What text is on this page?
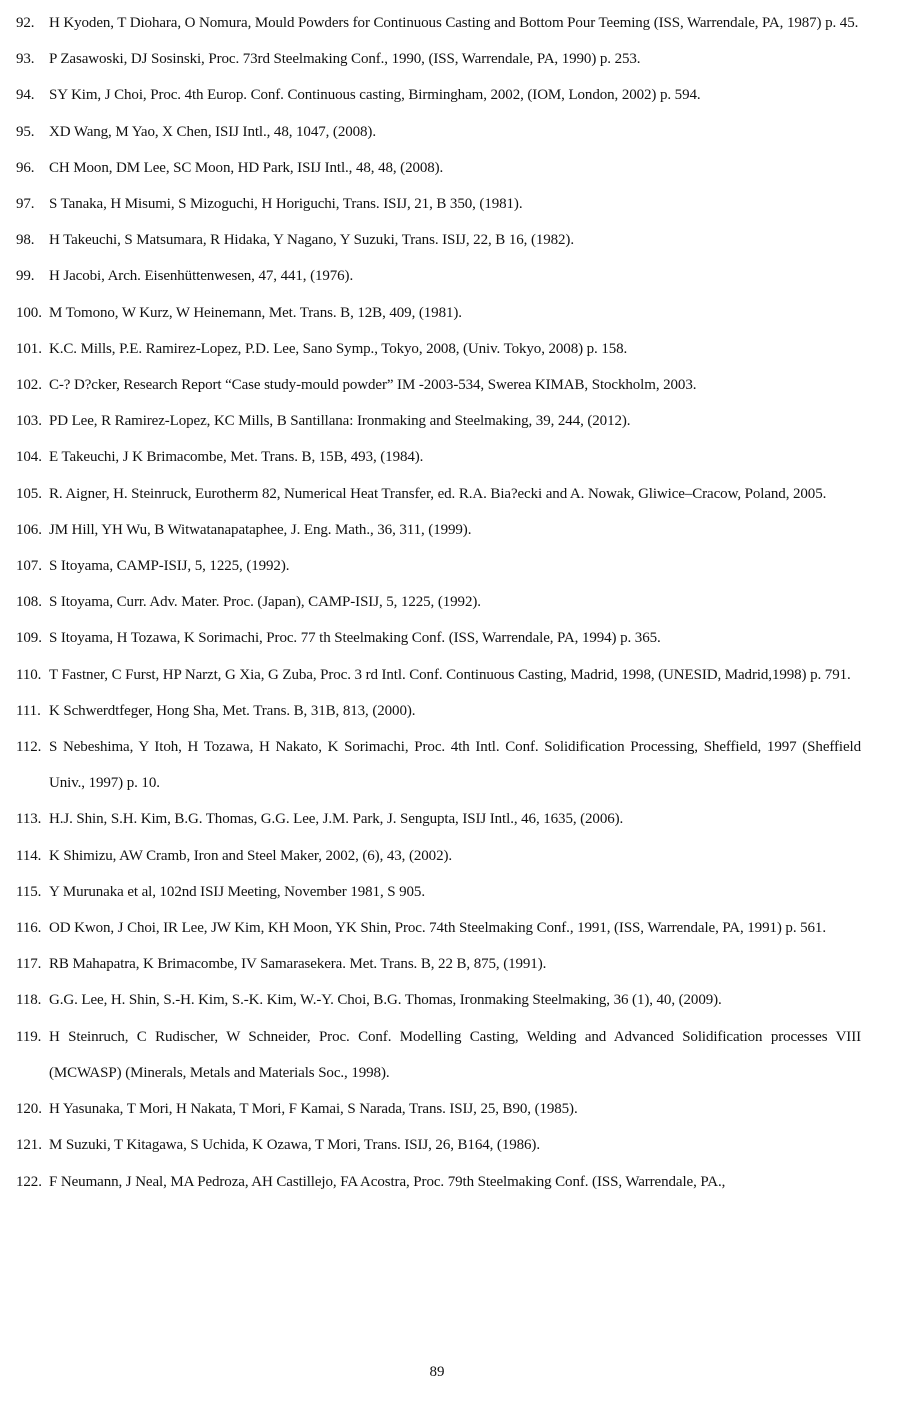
92. H Kyoden, T Diohara, O Nomura, Mould Powders for Continuous Casting and Bottom Pour Teeming (ISS, Warrendale, PA, 1987) p. 45.
93. P Zasawoski, DJ Sosinski, Proc. 73rd Steelmaking Conf., 1990, (ISS, Warrendale, PA, 1990) p. 253.
94. SY Kim, J Choi, Proc. 4th Europ. Conf. Continuous casting, Birmingham, 2002, (IOM, London, 2002) p. 594.
95. XD Wang, M Yao, X Chen, ISIJ Intl., 48, 1047, (2008).
96. CH Moon, DM Lee, SC Moon, HD Park, ISIJ Intl., 48, 48, (2008).
97. S Tanaka, H Misumi, S Mizoguchi, H Horiguchi, Trans. ISIJ, 21, B 350, (1981).
98. H Takeuchi, S Matsumara, R Hidaka, Y Nagano, Y Suzuki, Trans. ISIJ, 22, B 16, (1982).
99. H Jacobi, Arch. Eisenhüttenwesen, 47, 441, (1976).
100. M Tomono, W Kurz, W Heinemann, Met. Trans. B, 12B, 409, (1981).
101. K.C. Mills, P.E. Ramirez-Lopez, P.D. Lee, Sano Symp., Tokyo, 2008, (Univ. Tokyo, 2008) p. 158.
102. C-? D?cker, Research Report “Case study-mould powder” IM -2003-534, Swerea KIMAB, Stockholm, 2003.
103. PD Lee, R Ramirez-Lopez, KC Mills, B Santillana: Ironmaking and Steelmaking, 39, 244, (2012).
104. E Takeuchi, J K Brimacombe, Met. Trans. B, 15B, 493, (1984).
105. R. Aigner, H. Steinruck, Eurotherm 82, Numerical Heat Transfer, ed. R.A. Bia?ecki and A. Nowak, Gliwice–Cracow, Poland, 2005.
106. JM Hill, YH Wu, B Witwatanapataphee, J. Eng. Math., 36, 311, (1999).
107. S Itoyama, CAMP-ISIJ, 5, 1225, (1992).
108. S Itoyama, Curr. Adv. Mater. Proc. (Japan), CAMP-ISIJ, 5, 1225, (1992).
109. S Itoyama, H Tozawa, K Sorimachi, Proc. 77 th Steelmaking Conf. (ISS, Warrendale, PA, 1994) p. 365.
110. T Fastner, C Furst, HP Narzt, G Xia, G Zuba, Proc. 3 rd Intl. Conf. Continuous Casting, Madrid, 1998, (UNESID, Madrid,1998) p. 791.
111. K Schwerdtfeger, Hong Sha, Met. Trans. B, 31B, 813, (2000).
112. S Nebeshima, Y Itoh, H Tozawa, H Nakato, K Sorimachi, Proc. 4th Intl. Conf. Solidification Processing, Sheffield, 1997 (Sheffield Univ., 1997) p. 10.
113. H.J. Shin, S.H. Kim, B.G. Thomas, G.G. Lee, J.M. Park, J. Sengupta, ISIJ Intl., 46, 1635, (2006).
114. K Shimizu, AW Cramb, Iron and Steel Maker, 2002, (6), 43, (2002).
115. Y Murunaka et al, 102nd ISIJ Meeting, November 1981, S 905.
116. OD Kwon, J Choi, IR Lee, JW Kim, KH Moon, YK Shin, Proc. 74th Steelmaking Conf., 1991, (ISS, Warrendale, PA, 1991) p. 561.
117. RB Mahapatra, K Brimacombe, IV Samarasekera. Met. Trans. B, 22 B, 875, (1991).
118. G.G. Lee, H. Shin, S.-H. Kim, S.-K. Kim, W.-Y. Choi, B.G. Thomas, Ironmaking Steelmaking, 36 (1), 40, (2009).
119. H Steinruch, C Rudischer, W Schneider, Proc. Conf. Modelling Casting, Welding and Advanced Solidification processes VIII (MCWASP) (Minerals, Metals and Materials Soc., 1998).
120. H Yasunaka, T Mori, H Nakata, T Mori, F Kamai, S Narada, Trans. ISIJ, 25, B90, (1985).
121. M Suzuki, T Kitagawa, S Uchida, K Ozawa, T Mori, Trans. ISIJ, 26, B164, (1986).
122. F Neumann, J Neal, MA Pedroza, AH Castillejo, FA Acostra, Proc. 79th Steelmaking Conf. (ISS, Warrendale, PA.,
89
